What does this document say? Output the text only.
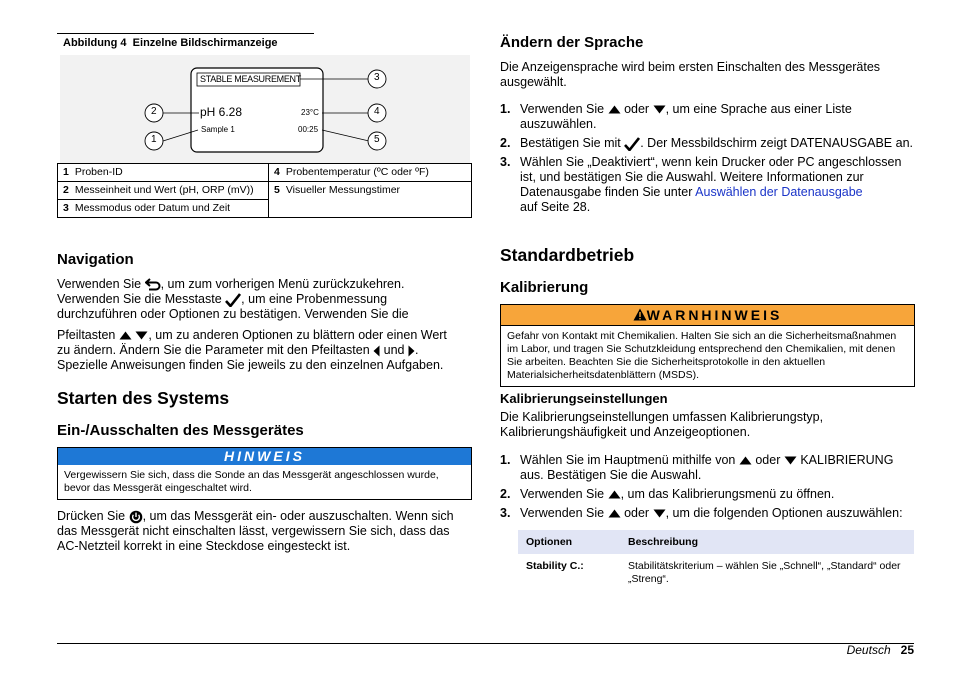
Abbildung 4 Einzelne Bildschirmanzeige
STABLE MEASUREMENT
pH 6.28	23°C
Sample 1	00:25
1
2
3
4
5
1 Proben-ID	4 Probentemperatur (ºC oder ºF)
2 Messeinheit und Wert (pH, ORP (mV))	5 Visueller Messungstimer
3 Messmodus oder Datum und Zeit	
Navigation
Verwenden Sie , um zum vorherigen Menü zurückzukehren.
Verwenden Sie die Messtaste , um eine Probenmessung
durchzuführen oder Optionen zu bestätigen. Verwenden Sie die
Pfeiltasten	, um zu anderen Optionen zu blättern oder einen Wert
zu ändern. Ändern Sie die Parameter mit den Pfeiltasten und .
Spezielle Anweisungen finden Sie jeweils zu den einzelnen Aufgaben.
Starten des Systems
Ein-/Ausschalten des Messgerätes
HINWEIS
Vergewissern Sie sich, dass die Sonde an das Messgerät angeschlossen wurde, bevor das Messgerät eingeschaltet wird.
Drücken Sie , um das Messgerät ein- oder auszuschalten. Wenn sich
das Messgerät nicht einschalten lässt, vergewissern Sie sich, dass das
AC-Netzteil korrekt in eine Steckdose eingesteckt ist.
Ändern der Sprache
Die Anzeigensprache wird beim ersten Einschalten des Messgerätes ausgewählt.
1. Verwenden Sie oder , um eine Sprache aus einer Liste auszuwählen.
2. Bestätigen Sie mit . Der Messbildschirm zeigt DATENAUSGABE an.
3. Wählen Sie „Deaktiviert“, wenn kein Drucker oder PC angeschlossen ist, und bestätigen Sie die Auswahl. Weitere Informationen zur Datenausgabe finden Sie unter Auswählen der Datenausgabe
auf Seite 28.
Standardbetrieb
Kalibrierung
WARNHINWEIS
Gefahr von Kontakt mit Chemikalien. Halten Sie sich an die Sicherheitsmaßnahmen im Labor, und tragen Sie Schutzkleidung entsprechend den Chemikalien, mit denen Sie arbeiten. Beachten Sie die Sicherheitsprotokolle in den aktuellen Materialsicherheitsdatenblättern (MSDS).
Kalibrierungseinstellungen
Die Kalibrierungseinstellungen umfassen Kalibrierungstyp, Kalibrierungshäufigkeit und Anzeigeoptionen.
1. Wählen Sie im Hauptmenü mithilfe von oder KALIBRIERUNG aus. Bestätigen Sie die Auswahl.
2. Verwenden Sie , um das Kalibrierungsmenü zu öffnen.
3. Verwenden Sie oder , um die folgenden Optionen auszuwählen:
Optionen	Beschreibung
Stability C.:	Stabilitätskriterium – wählen Sie „Schnell“, „Standard“ oder „Streng“.
Deutsch 25
